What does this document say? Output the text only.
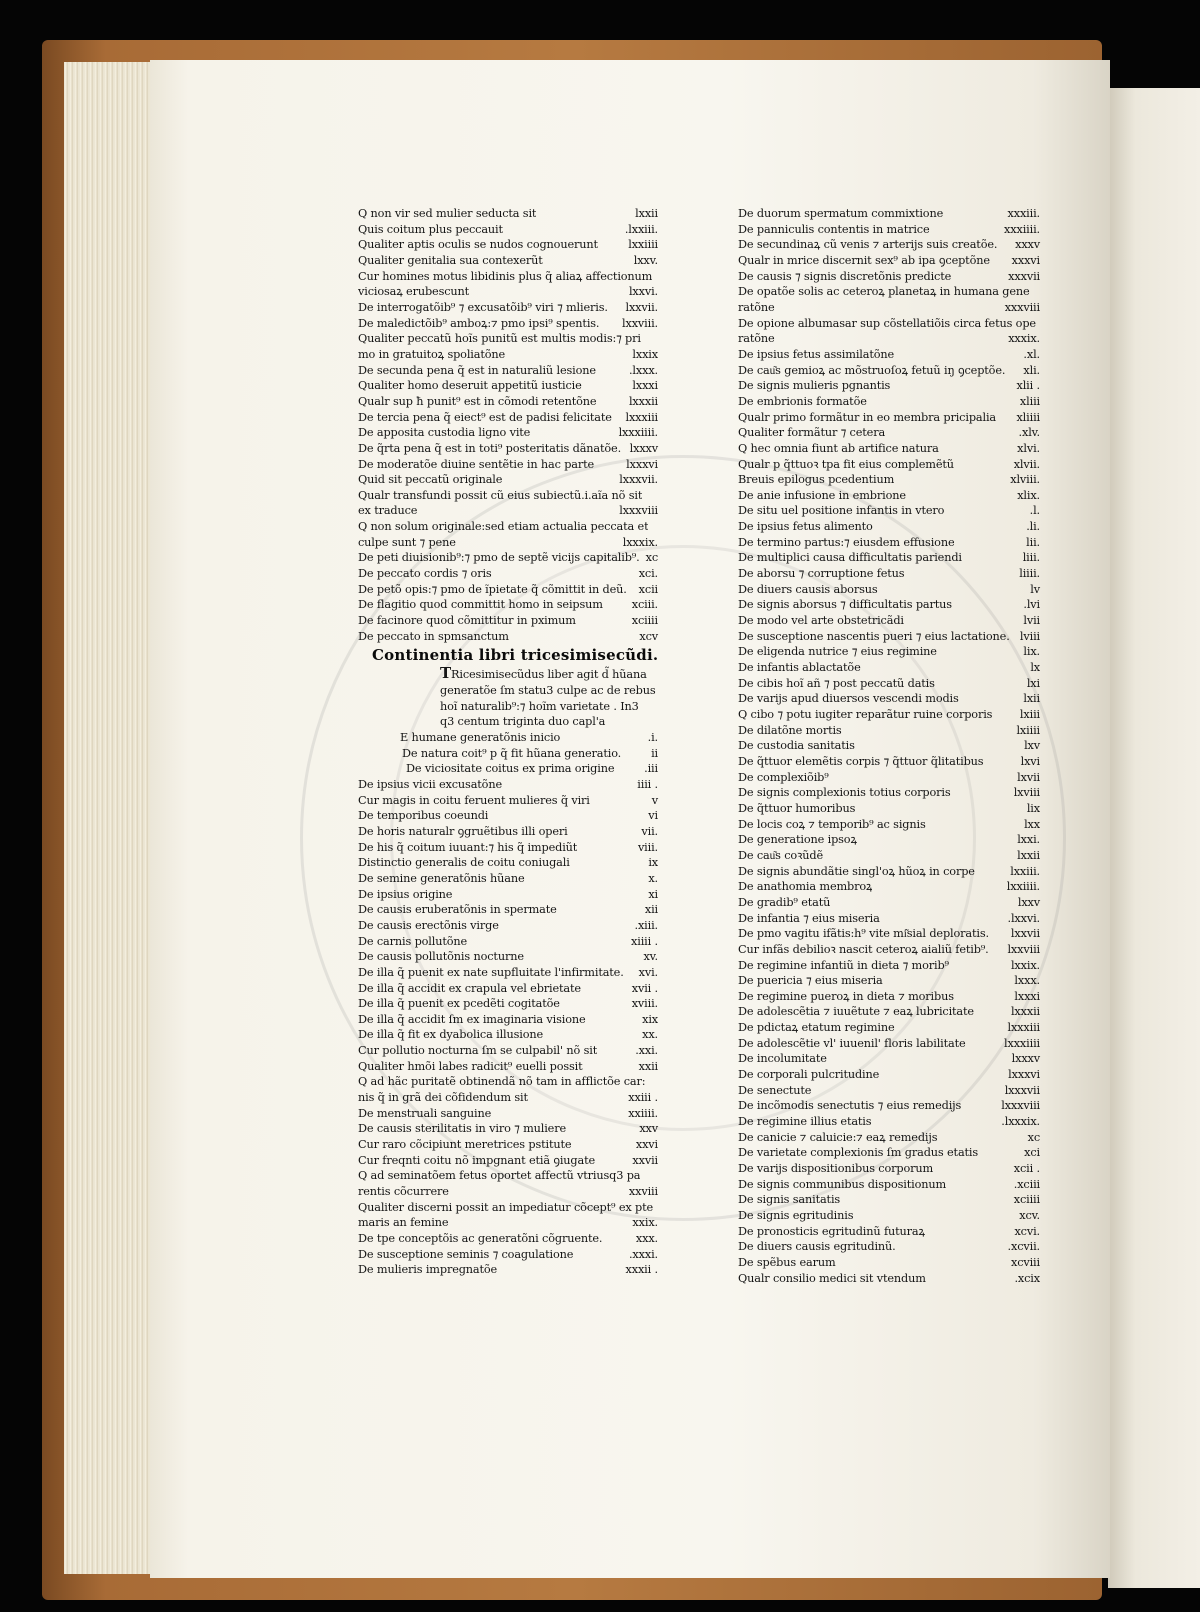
Q non vir sed mulier seducta sit	lxxii
Quis coitum plus peccauit	.lxxiii.
Qualiter aptis oculis se nudos cognouerunt	lxxiiii
Qualiter genitalia sua contexerũt	lxxv.
Cur homines motus libidinis plus q̃ aliaꝝ affectionum
viciosaꝝ erubescunt	lxxvi.
De interrogatõib⁹ ⁊ excusatõib⁹ viri ⁊ mlieris.	lxxvii.
De maledictõib⁹ amboꝝ:⁊ pmo ipsi⁹ spentis.	lxxviii.
Qualiter peccatũ hoĩs punitũ est multis modis:⁊ pri
mo in gratuitoꝝ spoliatõne	lxxix
De secunda pena q̃ est in naturaliũ lesione	.lxxx.
Qualiter homo deseruit appetitũ iusticie	lxxxi
Qualr sup ħ punit⁹ est in cõmodi retentõne	lxxxii
De tercia pena q̃ eiect⁹ est de padisi felicitate	lxxxiii
De apposita custodia ligno vite	lxxxiiii.
De q̃rta pena q̃ est in toti⁹ posteritatis dãnatõe. lxxxv
De moderatõe diuine sentẽtie in hac parte	lxxxvi
Quid sit peccatũ originale	lxxxvii.
Qualr transfundi possit cũ eius subiectũ.i.aĩa nõ sit
ex traduce	lxxxviii
Q non solum originale:sed etiam actualia peccata et
culpe sunt ⁊ pene	lxxxix.
De peti diuisionib⁹:⁊ pmo de septẽ vicijs capitalib⁹. xc
De peccato cordis ⁊ oris	xci.
De petõ opis:⁊ pmo de ĩpietate q̃ cõmittit in deũ.	xcii
De flagitio quod committit homo in seipsum	xciii.
De facinore quod cõmittitur in pximum	xciiii
De peccato in spmsanctum	xcv
Continentia libri tricesimisecũdi.
TRicesimisecũdus liber agit d̃ hũana
generatõe ſm statu3 culpe ac de rebus
hoĩ naturalib⁹:⁊ hoĩm varietate . In3
q3 centum triginta duo capl'a
E humane generatõnis inicio	.i.
De natura coit⁹ p q̃ fit hũana generatio.	ii
De viciositate coitus ex prima origine	.iii
De ipsius vicii excusatõne	iiii .
Cur magis in coitu feruent mulieres q̃ viri	v
De temporibus coeundi	vi
De horis naturalr ꝯgruẽtibus illi operi	vii.
De his q̃ coitum iuuant:⁊ his q̃ impediũt	viii.
Distinctio generalis de coitu coniugali	ix
De semine generatõnis hũane	x.
De ipsius origine	xi
De causis eruberatõnis in spermate	xii
De causis erectõnis virge	.xiii.
De carnis pollutõne	xiiii .
De causis pollutõnis nocturne	xv.
De illa q̃ puenit ex nate supfluitate l'infirmitate.	xvi.
De illa q̃ accidit ex crapula vel ebrietate	xvii .
De illa q̃ puenit ex pcedẽti cogitatõe	xviii.
De illa q̃ accidit ſm ex imaginaria visione	xix
De illa q̃ fit ex dyabolica illusione	xx.
Cur pollutio nocturna ſm se culpabil' nõ sit	.xxi.
Qualiter hmõi labes radicit⁹ euelli possit	xxii
Q ad hãc puritatẽ obtinendã nõ tam in afflictõe car:
nis q̃ in grã dei cõfidendum sit	xxiii .
De menstruali sanguine	xxiiii.
De causis sterilitatis in viro ⁊ muliere	xxv
Cur raro cõcipiunt meretrices pstitute	xxvi
Cur freqnti coitu nõ impgnant etiã ꝯiugate	xxvii
Q ad seminatõem fetus oportet affectũ vtriusq3 pa
rentis cõcurrere	xxviii
Qualiter discerni possit an impediatur cõcept⁹ ex pte
maris an femine	xxix.
De tpe conceptõis ac generatõni cõgruente.	xxx.
De susceptione seminis ⁊ coagulatione	.xxxi.
De mulieris impregnatõe	xxxii .
De duorum spermatum commixtione	xxxiii.
De panniculis contentis in matrice	xxxiiii.
De secundinaꝝ cũ venis ⁊ arterijs suis creatõe.	xxxv
Qualr in mrice discernit sex⁹ ab ipa ꝯceptõne	xxxvi
De causis ⁊ signis discretõnis predicte	xxxvii
De opatõe solis ac ceteroꝝ planetaꝝ in humana gene
ratõne	xxxviii
De opione albumasar sup cõstellatiõis circa fetus ope
ratõne	xxxix.
De ipsius fetus assimilatõne	.xl.
De cau͂s gemioꝝ ac mõstruoſoꝝ fetuũ iŋ ꝯceptõe.	xli.
De signis mulieris pgnantis	xlii .
De embrionis formatõe	xliii
Qualr primo formãtur in eo membra pricipalia	xliiii
Qualiter formãtur ⁊ cetera	.xlv.
Q hec omnia fiunt ab artifice natura	xlvi.
Qualr p q̃ttuoꝛ tpa fit eius complemẽtũ	xlvii.
Breuis epilogus pcedentium	xlviii.
De anie infusione in embrione	xlix.
De situ uel positione infantis in vtero	.l.
De ipsius fetus alimento	.li.
De termino partus:⁊ eiusdem effusione	lii.
De multiplici causa difficultatis pariendi	liii.
De aborsu ⁊ corruptione fetus	liiii.
De diuers causis aborsus	lv
De signis aborsus ⁊ difficultatis partus	.lvi
De modo vel arte obstetricãdi	lvii
De susceptione nascentis pueri ⁊ eius lactatione. lviii
De eligenda nutrice ⁊ eius regimine	lix.
De infantis ablactatõe	lx
De cibis hoĩ añ ⁊ post peccatũ datis	lxi
De varijs apud diuersos vescendi modis	lxii
Q cibo ⁊ potu iugiter reparãtur ruine corporis	lxiii
De dilatõne mortis	lxiiii
De custodia sanitatis	lxv
De q̃ttuor elemẽtis corpis ⁊ q̃ttuor q̃litatibus	lxvi
De complexiõib⁹	lxvii
De signis complexionis totius corporis	lxviii
De q̃ttuor humoribus	lix
De locis coꝝ ⁊ temporib⁹ ac signis	lxx
De generatione ipsoꝝ	lxxi.
De cau͂s coꝛũdẽ	lxxii
De signis abundãtie singl'oꝝ hũoꝝ in corpe	lxxiii.
De anathomia membroꝝ	lxxiiii.
De gradib⁹ etatũ	lxxv
De infantia ⁊ eius miseria	.lxxvi.
De pmo vagitu ifãtis:h⁹ vite mi͂sial deploratis.	lxxvii
Cur infãs debilioꝛ nascit ceteroꝝ aialiũ fetib⁹.	lxxviii
De regimine infantiũ in dieta ⁊ morib⁹	lxxix.
De puericia ⁊ eius miseria	lxxx.
De regimine pueroꝝ in dieta ⁊ moribus	lxxxi
De adolescẽtia ⁊ iuuẽtute ⁊ eaꝝ lubricitate	lxxxii
De pdictaꝝ etatum regimine	lxxxiii
De adolescẽtie vl' iuuenil' floris labilitate	lxxxiiii
De incolumitate	lxxxv
De corporali pulcritudine	lxxxvi
De senectute	lxxxvii
De incõmodis senectutis ⁊ eius remedijs	lxxxviii
De regimine illius etatis	.lxxxix.
De canicie ⁊ caluicie:⁊ eaꝝ remedijs	xc
De varietate complexionis ſm gradus etatis	xci
De varijs dispositionibus corporum	xcii .
De signis communibus dispositionum	.xciii
De signis sanitatis	xciiii
De signis egritudinis	xcv.
De pronosticis egritudinũ futuraꝝ	xcvi.
De diuers causis egritudinũ.	.xcvii.
De spẽbus earum	xcviii
Qualr consilio medici sit vtendum	.xcix
